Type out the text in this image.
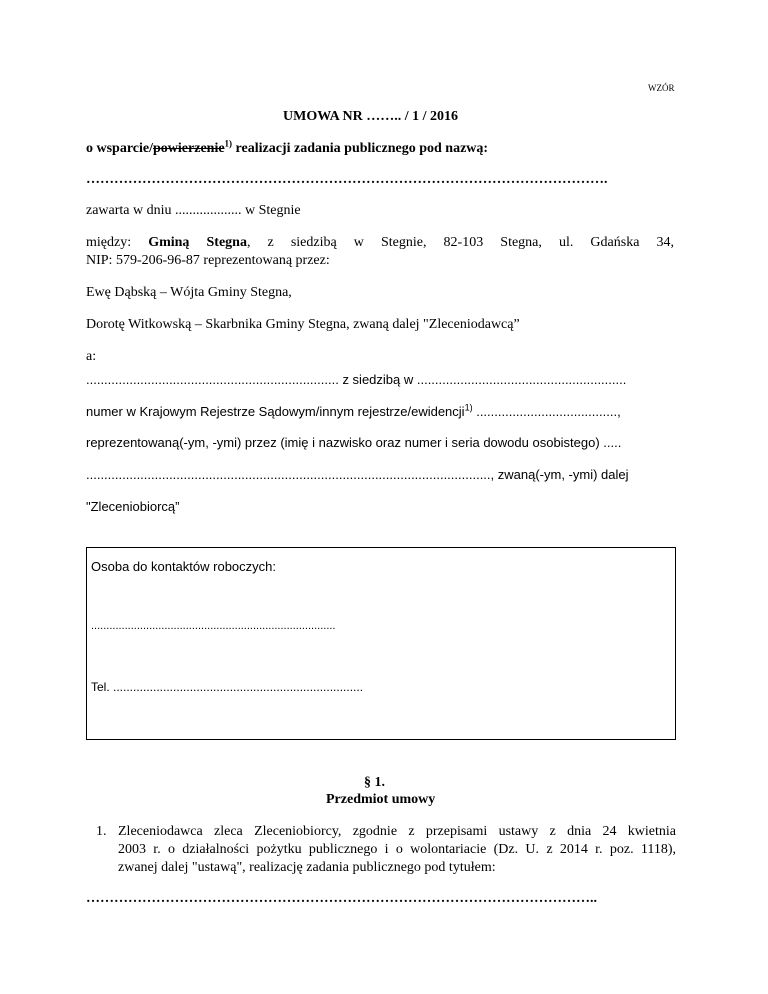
WZÓR
UMOWA NR …….. / 1 / 2016
o wsparcie/powierzenie$^{1)}$ realizacji zadania publicznego pod nazwą:
………………………………………………………………………………………………….
zawarta w dniu ................... w Stegnie
między: Gminą Stegna, z siedzibą w Stegnie, 82-103 Stegna, ul. Gdańska 34,
NIP: 579-206-96-87 reprezentowaną przez:
Ewę Dąbską – Wójta Gminy Stegna,
Dorotę Witkowską – Skarbnika Gminy Stegna, zwaną dalej "Zleceniodawcą”
a:
...................................................................... z siedzibą w ..........................................................
numer w Krajowym Rejestrze Sądowym/innym rejestrze/ewidencji$^{1)}$ .......................................,
reprezentowaną(-ym, -ymi) przez (imię i nazwisko oraz numer i seria dowodu osobistego) .....
................................................................................................................, zwaną(-ym, -ymi) dalej
"Zleceniobiorcą”
Osoba do kontaktów roboczych:
................................................................................
Tel. ...........................................................................
§ 1.
Przedmiot umowy
1. Zleceniodawca zleca Zleceniobiorcy, zgodnie z przepisami ustawy z dnia 24 kwietnia
2003 r. o działalności pożytku publicznego i o wolontariacie (Dz. U. z 2014 r. poz. 1118),
zwanej dalej "ustawą", realizację zadania publicznego pod tytułem:
………………………………………………………………………………………………..
